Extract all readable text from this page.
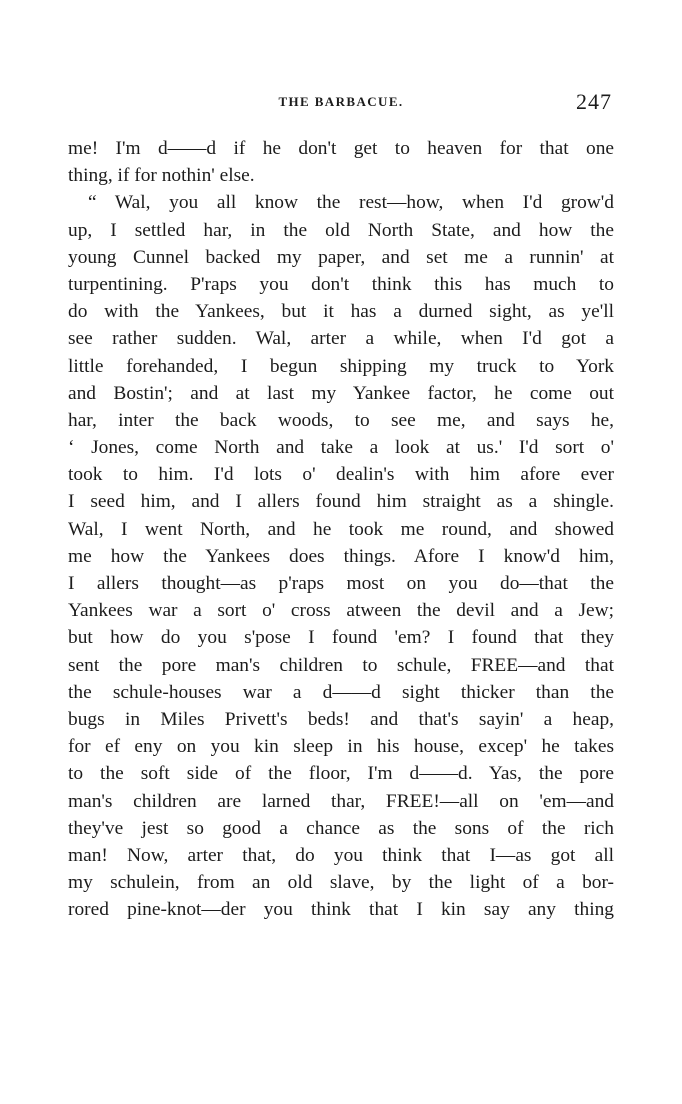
THE BARBACUE.	247
me! I'm d——d if he don't get to heaven for that one
thing, if for nothin' else.
“ Wal, you all know the rest—how, when I'd grow'd
up, I settled har, in the old North State, and how the
young Cunnel backed my paper, and set me a runnin' at
turpentining. P'raps you don't think this has much to
do with the Yankees, but it has a durned sight, as ye'll
see rather sudden. Wal, arter a while, when I'd got a
little forehanded, I begun shipping my truck to York
and Bostin'; and at last my Yankee factor, he come out
har, inter the back woods, to see me, and says he,
‘ Jones, come North and take a look at us.' I'd sort o'
took to him. I'd lots o' dealin's with him afore ever
I seed him, and I allers found him straight as a shingle.
Wal, I went North, and he took me round, and showed
me how the Yankees does things. Afore I know'd him,
I allers thought—as p'raps most on you do—that the
Yankees war a sort o' cross atween the devil and a Jew;
but how do you s'pose I found 'em? I found that they
sent the pore man's children to schule, FREE—and that
the schule-houses war a d——d sight thicker than the
bugs in Miles Privett's beds! and that's sayin' a heap,
for ef eny on you kin sleep in his house, excep' he takes
to the soft side of the floor, I'm d——d. Yas, the pore
man's children are larned thar, FREE!—all on 'em—and
they've jest so good a chance as the sons of the rich
man! Now, arter that, do you think that I—as got all
my schulein, from an old slave, by the light of a bor-
rored pine-knot—der you think that I kin say any thing
